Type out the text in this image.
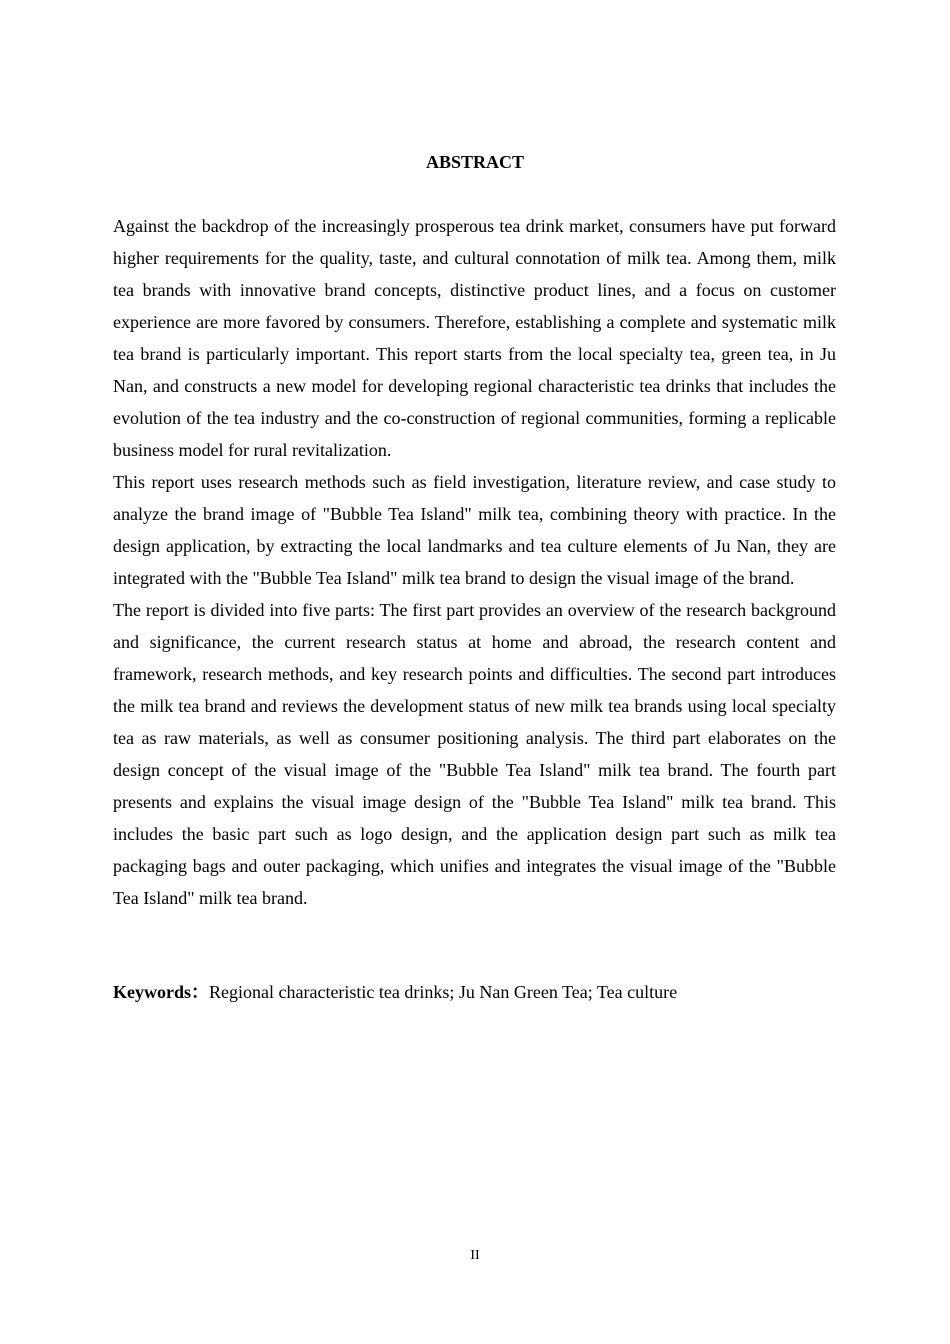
ABSTRACT

Against the backdrop of the increasingly prosperous tea drink market, consumers have put forward higher requirements for the quality, taste, and cultural connotation of milk tea. Among them, milk tea brands with innovative brand concepts, distinctive product lines, and a focus on customer experience are more favored by consumers. Therefore, establishing a complete and systematic milk tea brand is particularly important. This report starts from the local specialty tea, green tea, in Ju Nan, and constructs a new model for developing regional characteristic tea drinks that includes the evolution of the tea industry and the co-construction of regional communities, forming a replicable business model for rural revitalization.

This report uses research methods such as field investigation, literature review, and case study to analyze the brand image of "Bubble Tea Island" milk tea, combining theory with practice. In the design application, by extracting the local landmarks and tea culture elements of Ju Nan, they are integrated with the "Bubble Tea Island" milk tea brand to design the visual image of the brand.

The report is divided into five parts: The first part provides an overview of the research background and significance, the current research status at home and abroad, the research content and framework, research methods, and key research points and difficulties. The second part introduces the milk tea brand and reviews the development status of new milk tea brands using local specialty tea as raw materials, as well as consumer positioning analysis. The third part elaborates on the design concept of the visual image of the "Bubble Tea Island" milk tea brand. The fourth part presents and explains the visual image design of the "Bubble Tea Island" milk tea brand. This includes the basic part such as logo design, and the application design part such as milk tea packaging bags and outer packaging, which unifies and integrates the visual image of the "Bubble Tea Island" milk tea brand.

Keywords：Regional characteristic tea drinks; Ju Nan Green Tea; Tea culture
II
